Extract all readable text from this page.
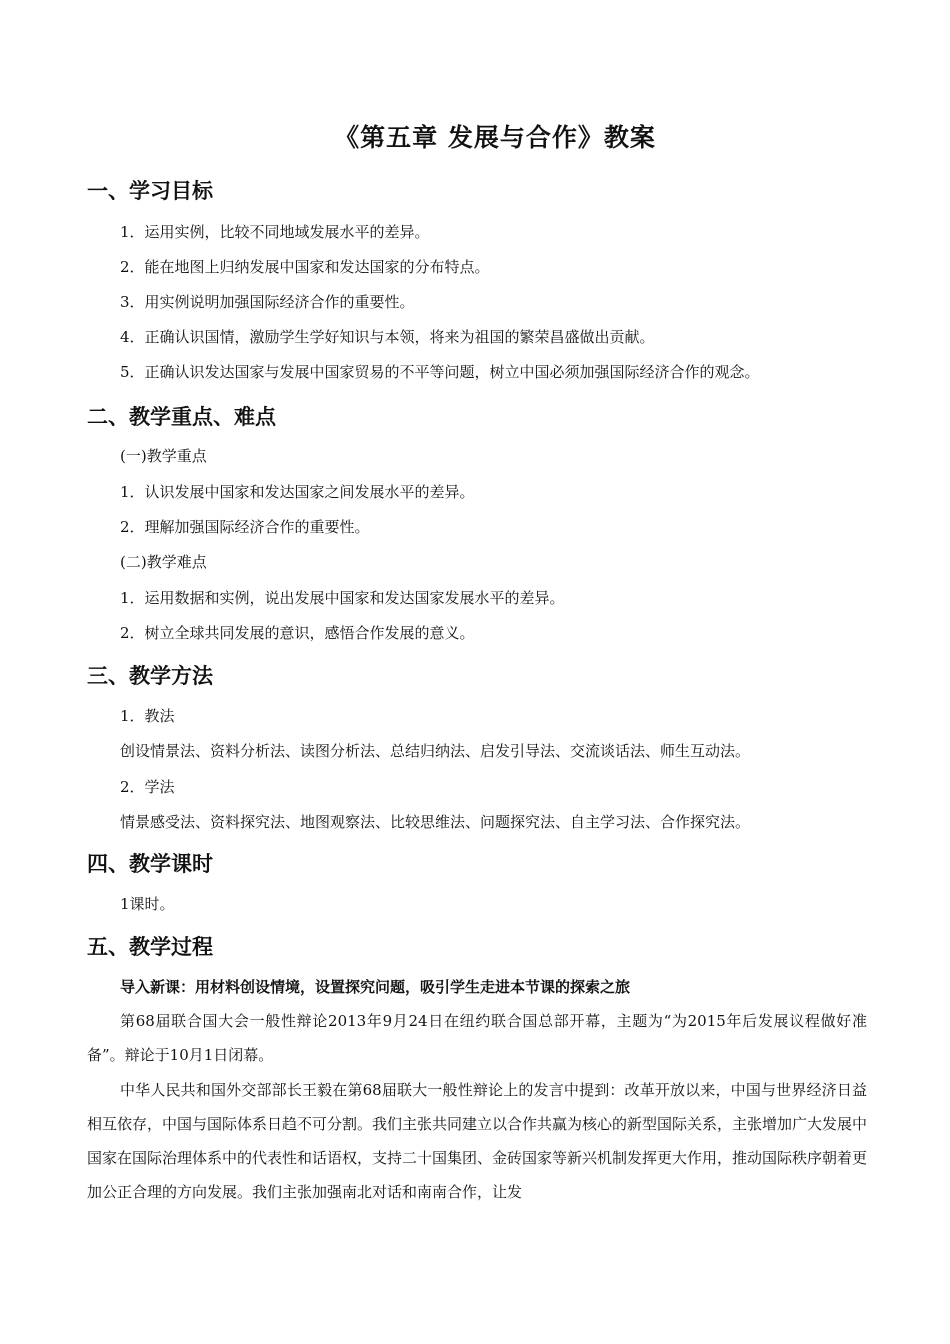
《第五章 发展与合作》教案
一、学习目标
1．运用实例，比较不同地域发展水平的差异。
2．能在地图上归纳发展中国家和发达国家的分布特点。
3．用实例说明加强国际经济合作的重要性。
4．正确认识国情，激励学生学好知识与本领，将来为祖国的繁荣昌盛做出贡献。
5．正确认识发达国家与发展中国家贸易的不平等问题，树立中国必须加强国际经济合作的观念。
二、教学重点、难点
(一)教学重点
1．认识发展中国家和发达国家之间发展水平的差异。
2．理解加强国际经济合作的重要性。
(二)教学难点
1．运用数据和实例，说出发展中国家和发达国家发展水平的差异。
2．树立全球共同发展的意识，感悟合作发展的意义。
三、教学方法
1．教法
创设情景法、资料分析法、读图分析法、总结归纳法、启发引导法、交流谈话法、师生互动法。
2．学法
情景感受法、资料探究法、地图观察法、比较思维法、问题探究法、自主学习法、合作探究法。
四、教学课时
1课时。
五、教学过程
导入新课：用材料创设情境，设置探究问题，吸引学生走进本节课的探索之旅
第68届联合国大会一般性辩论2013年9月24日在纽约联合国总部开幕，主题为“为2015年后发展议程做好准备”。辩论于10月1日闭幕。
中华人民共和国外交部部长王毅在第68届联大一般性辩论上的发言中提到：改革开放以来，中国与世界经济日益相互依存，中国与国际体系日趋不可分割。我们主张共同建立以合作共赢为核心的新型国际关系，主张增加广大发展中国家在国际治理体系中的代表性和话语权，支持二十国集团、金砖国家等新兴机制发挥更大作用，推动国际秩序朝着更加公正合理的方向发展。我们主张加强南北对话和南南合作，让发
